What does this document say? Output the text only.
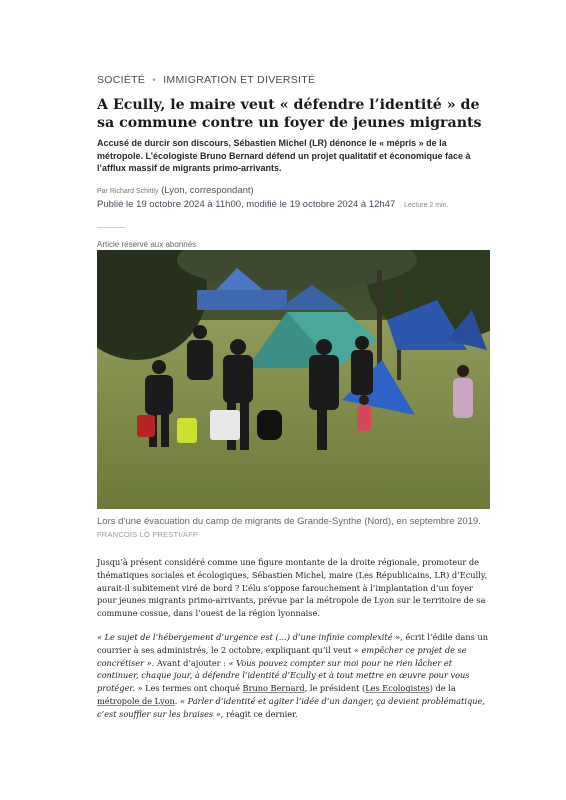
SOCIÉTÉ • IMMIGRATION ET DIVERSITÉ
A Ecully, le maire veut « défendre l’identité » de sa commune contre un foyer de jeunes migrants

Accusé de durcir son discours, Sébastien Michel (LR) dénonce le « mépris » de la métropole. L’écologiste Bruno Bernard défend un projet qualitatif et économique face à l’afflux massif de migrants primo-arrivants.

Par Richard Schittly (Lyon, correspondant)
Publié le 19 octobre 2024 à 11h00, modifié le 19 octobre 2024 à 12h47  · Lecture 2 min.
Article réservé aux abonnés
Lors d’une évacuation du camp de migrants de Grande-Synthe (Nord), en septembre 2019. FRANCOIS LO PRESTI/AFP

Jusqu’à présent considéré comme une figure montante de la droite régionale, promoteur de thématiques sociales et écologiques, Sébastien Michel, maire (Les Républicains, LR) d’Ecully, aurait-il subitement viré de bord ? L’élu s’oppose farouchement à l’implantation d’un foyer pour jeunes migrants primo-arrivants, prévue par la métropole de Lyon sur le territoire de sa commune cossue, dans l’ouest de la région lyonnaise.

« Le sujet de l’hébergement d’urgence est (…) d’une infinie complexité », écrit l’édile dans un courrier à ses administrés, le 2 octobre, expliquant qu’il veut « empêcher ce projet de se concrétiser ». Avant d’ajouter : « Vous pouvez compter sur moi pour ne rien lâcher et continuer, chaque jour, à défendre l’identité d’Ecully et à tout mettre en œuvre pour vous protéger. » Les termes ont choqué Bruno Bernard, le président (Les Ecologistes) de la métropole de Lyon. « Parler d’identité et agiter l’idée d’un danger, ça devient problématique, c’est souffler sur les braises », réagit ce dernier.
